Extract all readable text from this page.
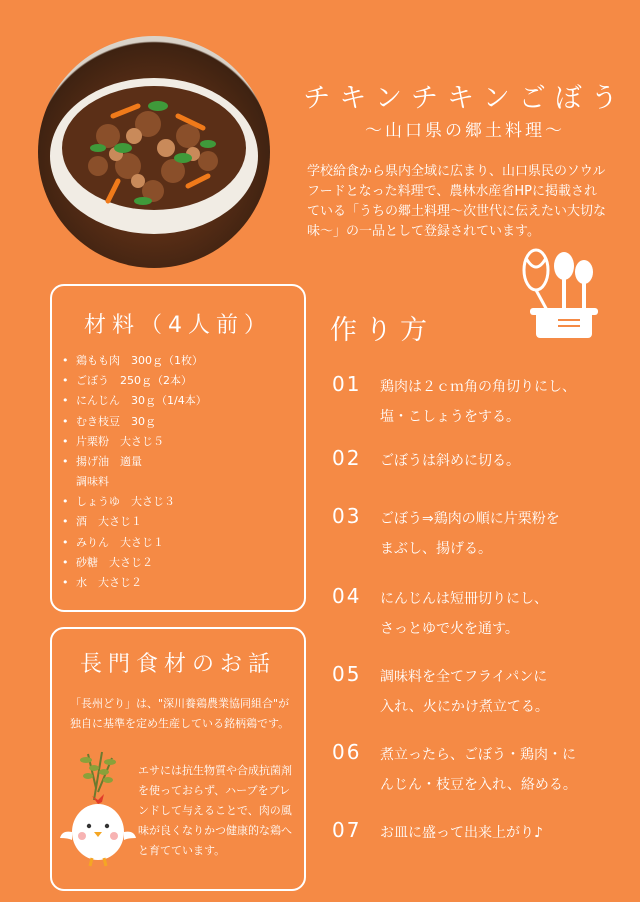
チキンチキンごぼう
〜山口県の郷土料理〜
学校給食から県内全域に広まり、山口県民のソウルフードとなった料理で、農林水産省HPに掲載されている「うちの郷土料理〜次世代に伝えたい大切な味〜」の一品として登録されています。
材料（4人前）
• 鶏もも肉　300ｇ（1枚）
• ごぼう　250ｇ（2本）
• にんじん　30ｇ（1/4本）
• むき枝豆　30ｇ
• 片栗粉　大さじ５
• 揚げ油　適量

調味料

• しょうゆ　大さじ３
• 酒　大さじ１
• みりん　大さじ１
• 砂糖　大さじ２
• 水　大さじ２
長門食材のお話

「長州どり」は、"深川養鶏農業協同組合"が独自に基準を定め生産している銘柄鶏です。

エサには抗生物質や合成抗菌剤を使っておらず、ハーブをブレンドして与えることで、肉の風味が良くなりかつ健康的な鶏へと育てています。

作り方
01 鶏肉は２ｃｍ角の角切りにし、
塩・こしょうをする。
02 ごぼうは斜めに切る。
03 ごぼう⇒鶏肉の順に片栗粉を
まぶし、揚げる。
04 にんじんは短冊切りにし、
さっとゆで火を通す。
05 調味料を全てフライパンに
入れ、火にかけ煮立てる。
06 煮立ったら、ごぼう・鶏肉・に
んじん・枝豆を入れ、絡める。
07 お皿に盛って出来上がり♪
